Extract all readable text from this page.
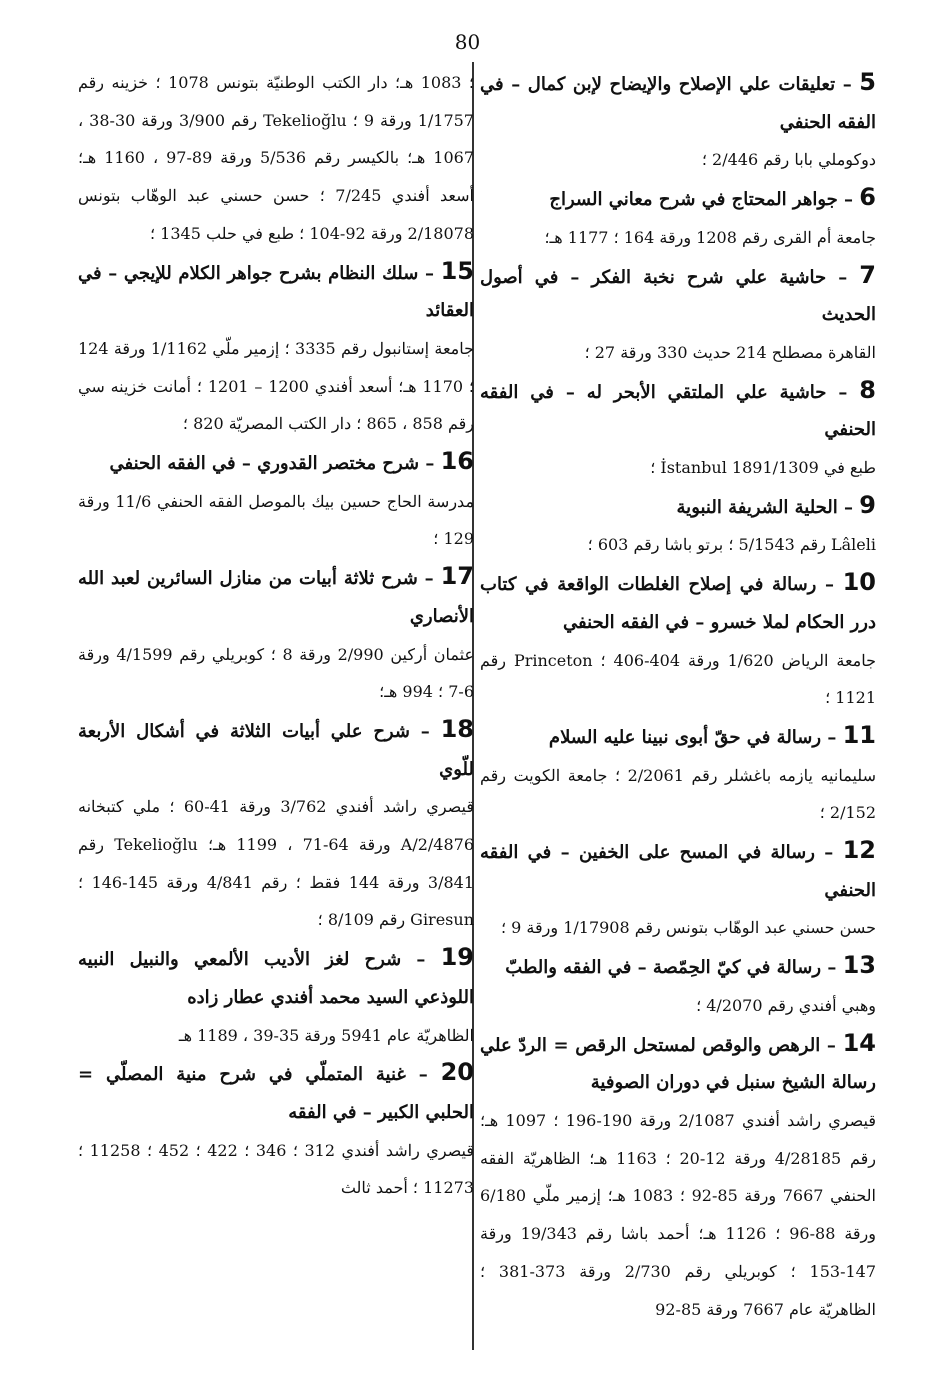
80

5 – تعليقات علي الإصلاح والإيضاح لإبن كمال – في الفقه الحنفي

دوكوملي بابا رقم 2/446 ؛

6 – جواهر المحتاج في شرح معاني السراج

جامعة أم القرى رقم 1208 ورقة 164 ؛ 1177 هـ؛

7 – حاشية علي شرح نخبة الفكر – في أصول الحديث

القاهرة مصطلح 214 حديث 330 ورقة 27 ؛

8 – حاشية علي الملتقي الأبحر له – في الفقه الحنفي

طبع في İstanbul 1891/1309 ؛

9 – الحلية الشريفة النبوية

Lâleli رقم 5/1543 ؛ برتو باشا رقم 603 ؛

10 – رسالة في إصلاح الغلطات الواقعة في كتاب درر الحكام لملا خسرو – في الفقه الحنفي

جامعة الرياض 1/620 ورقة 404-406 ؛ Princeton رقم 1121 ؛

11 – رسالة في حقّ أبوى نبينا عليه السلام

سليمانيه يازمه باغشلر رقم 2/2061 ؛ جامعة الكويت رقم 2/152 ؛

12 – رسالة في المسح على الخفين – في الفقه الحنفي

حسن حسني عبد الوهّاب بتونس رقم 1/17908 ورقة 9 ؛

13 – رسالة في كيّ الحِمّصة – في الفقه والطبّ

وهبي أفندي رقم 4/2070 ؛

14 – الرهص والوقص لمستحل الرقص = الردّ علي رسالة الشيخ سنبل في دوران الصوفية

قيصري راشد أفندي 2/1087 ورقة 190-196 ؛ 1097 هـ؛ رقم 4/28185 ورقة 12-20 ؛ 1163 هـ؛ الظاهريّة الفقه الحنفي 7667 ورقة 85-92 ؛ 1083 هـ؛ إزمير ملّي 6/180 ورقة 88-96 ؛ 1126 هـ؛ أحمد باشا رقم 19/343 ورقة 147-153 ؛ كوبريلي رقم 2/730 ورقة 373-381 ؛ الظاهريّة عام 7667 ورقة 85-92

؛ 1083 هـ؛ دار الكتب الوطنيّة بتونس 1078 ؛ خزينه رقم 1/1757 ورقة 9 ؛ Tekelioğlu رقم 3/900 ورقة 30-38 ، 1067 هـ؛ بالكيسر رقم 5/536 ورقة 89-97 ، 1160 هـ؛ أسعد أفندي 7/245 ؛ حسن حسني عبد الوهّاب بتونس 2/18078 ورقة 92-104 ؛ طبع في حلب 1345 ؛

15 – سلك النظام بشرح جواهر الكلام للإيجي – في العقائد

جامعة إستانبول رقم 3335 ؛ إزمير ملّي 1/1162 ورقة 124 ؛ 1170 هـ؛ أسعد أفندي 1200 – 1201 ؛ أمانت خزينه سي رقم 858 ، 865 ؛ دار الكتب المصريّة 820 ؛

16 – شرح مختصر القدوري – في الفقه الحنفي

مدرسة الحاج حسين بيك بالموصل الفقه الحنفي 11/6 ورقة 129 ؛

17 – شرح ثلاثة أبيات من منازل السائرين لعبد الله الأنصاري

عثمان أركين 2/990 ورقة 8 ؛ كوبريلي رقم 4/1599 ورقة 6-7 ؛ 994 هـ؛

18 – شرح علي أبيات الثلاثة في أشكال الأربعة للّوي

قيصري راشد أفندي 3/762 ورقة 41-60 ؛ ملي كتبخانه 2/4876/A ورقة 64-71 ، 1199 هـ؛ Tekelioğlu رقم 3/841 ورقة 144 فقط ؛ رقم 4/841 ورقة 145-146 ؛ Giresun رقم 8/109 ؛

19 – شرح لغز الأديب الألمعي والنبيل النبيه اللوذعي السيد محمد أفندي عطار زاده

الظاهريّة عام 5941 ورقة 35-39 ، 1189 هـ

20 – غنية المتملّي في شرح منية المصلّي = الحلبي الكبير – في الفقه

قيصري راشد أفندي 312 ؛ 346 ؛ 422 ؛ 452 ؛ 11258 ؛ 11273 ؛ أحمد ثالث
